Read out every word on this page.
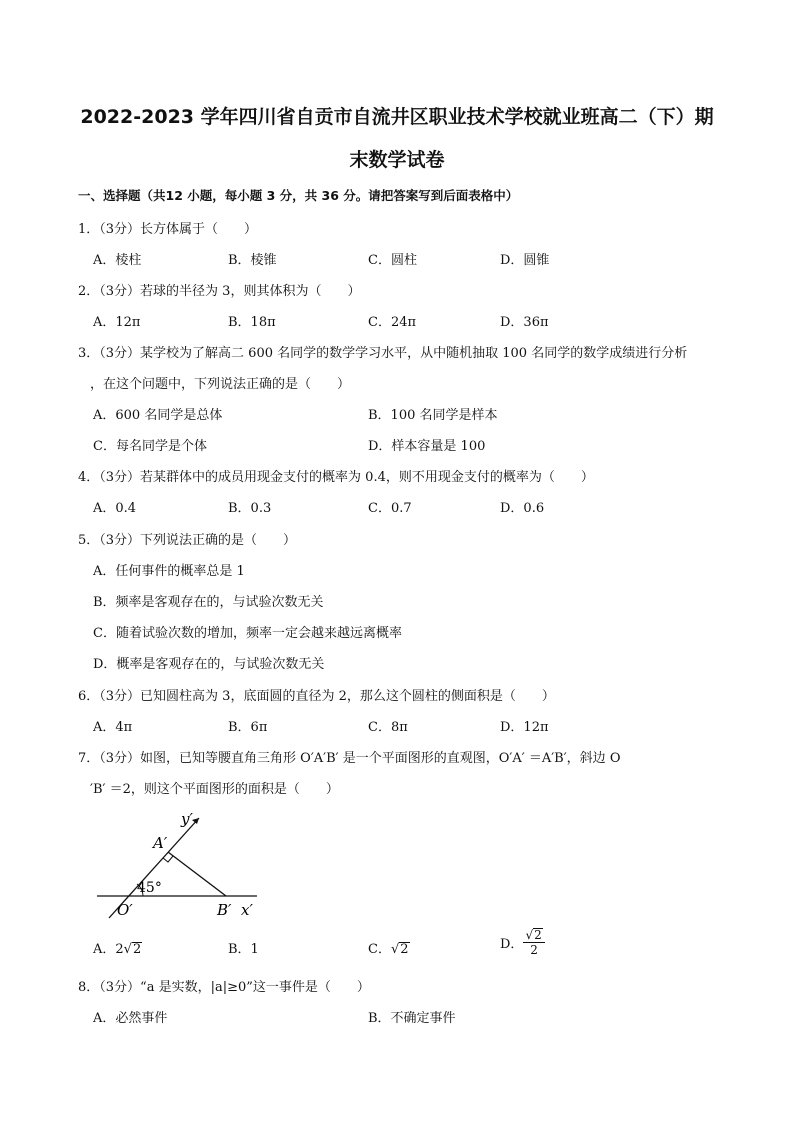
2022-2023 学年四川省自贡市自流井区职业技术学校就业班高二（下）期
末数学试卷
一、选择题（共12 小题，每小题 3 分，共 36 分。请把答案写到后面表格中）
1．（3分）长方体属于（　　）
A．棱柱	B．棱锥	C．圆柱	D．圆锥
2．（3分）若球的半径为 3，则其体积为（　　）
A．12π	B．18π	C．24π	D．36π
3．（3分）某学校为了解高二 600 名同学的数学学习水平，从中随机抽取 100 名同学的数学成绩进行分析
，在这个问题中，下列说法正确的是（　　）
A．600 名同学是总体	B．100 名同学是样本
C．每名同学是个体	D．样本容量是 100
4．（3分）若某群体中的成员用现金支付的概率为 0.4，则不用现金支付的概率为（　　）
A．0.4	B．0.3	C．0.7	D．0.6
5．（3分）下列说法正确的是（　　）
A．任何事件的概率总是 1
B．频率是客观存在的，与试验次数无关
C．随着试验次数的增加，频率一定会越来越远离概率
D．概率是客观存在的，与试验次数无关
6．（3分）已知圆柱高为 3，底面圆的直径为 2，那么这个圆柱的侧面积是（　　）
A．4π	B．6π	C．8π	D．12π
7．（3分）如图，已知等腰直角三角形 O′A′B′ 是一个平面图形的直观图，O′A′ ＝A′B′，斜边 O
′B′ ＝2，则这个平面图形的面积是（　　）
y′
A′
45°
O′	B′ x′
A．2√2	B．1	C．√2	D． $\frac{√2}{2}$
8．（3分）“a 是实数，|a|≥0”这一事件是（　　）
A．必然事件	B．不确定事件
